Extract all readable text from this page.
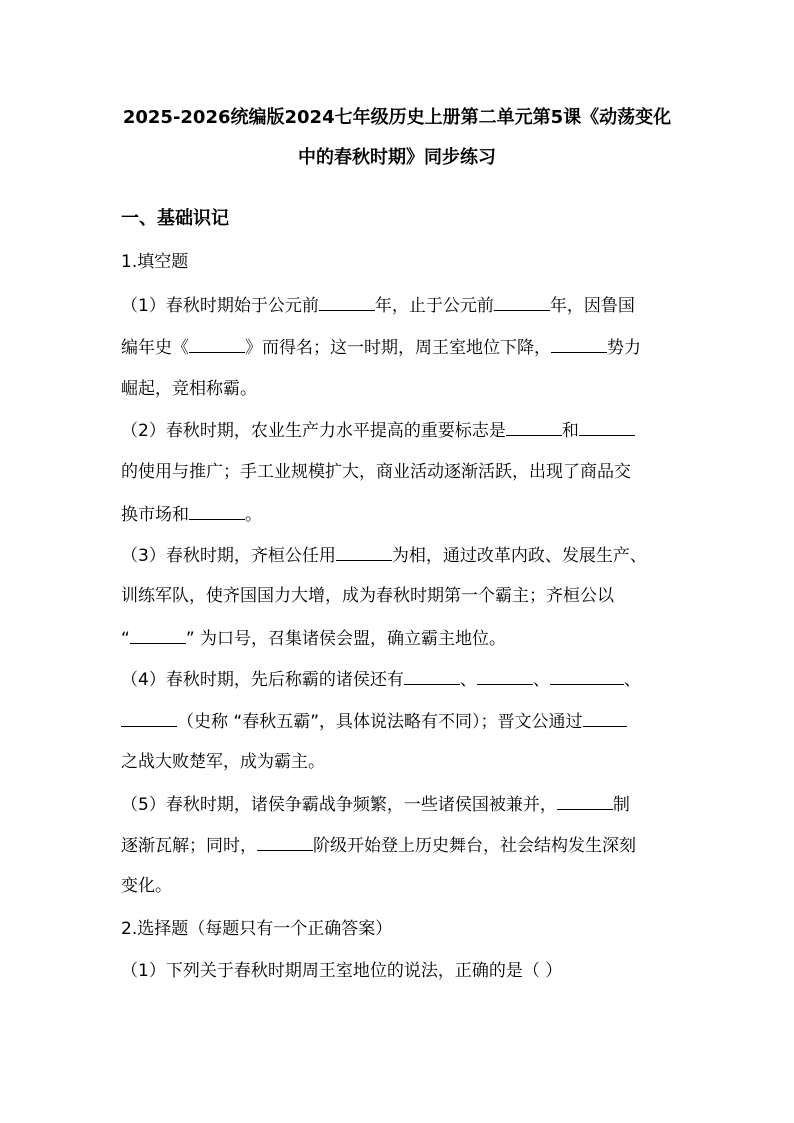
2025-2026统编版2024七年级历史上册第二单元第5课《动荡变化
中的春秋时期》同步练习
一、基础识记
1.填空题
（1）春秋时期始于公元前	年，止于公元前	年，因鲁国
编年史《	》而得名；这一时期，周王室地位下降，	势力
崛起，竞相称霸。
（2）春秋时期，农业生产力水平提高的重要标志是	和
的使用与推广；手工业规模扩大，商业活动逐渐活跃，出现了商品交
换市场和	。
（3）春秋时期，齐桓公任用	为相，通过改革内政、发展生产、
训练军队，使齐国国力大增，成为春秋时期第一个霸主；齐桓公以
“	” 为口号，召集诸侯会盟，确立霸主地位。
（4）春秋时期，先后称霸的诸侯还有	、	、	、
（史称 “春秋五霸”，具体说法略有不同）；晋文公通过
之战大败楚军，成为霸主。
（5）春秋时期，诸侯争霸战争频繁，一些诸侯国被兼并，	制
逐渐瓦解；同时，	阶级开始登上历史舞台，社会结构发生深刻
变化。
2.选择题（每题只有一个正确答案）
（1）下列关于春秋时期周王室地位的说法，正确的是（ ）
